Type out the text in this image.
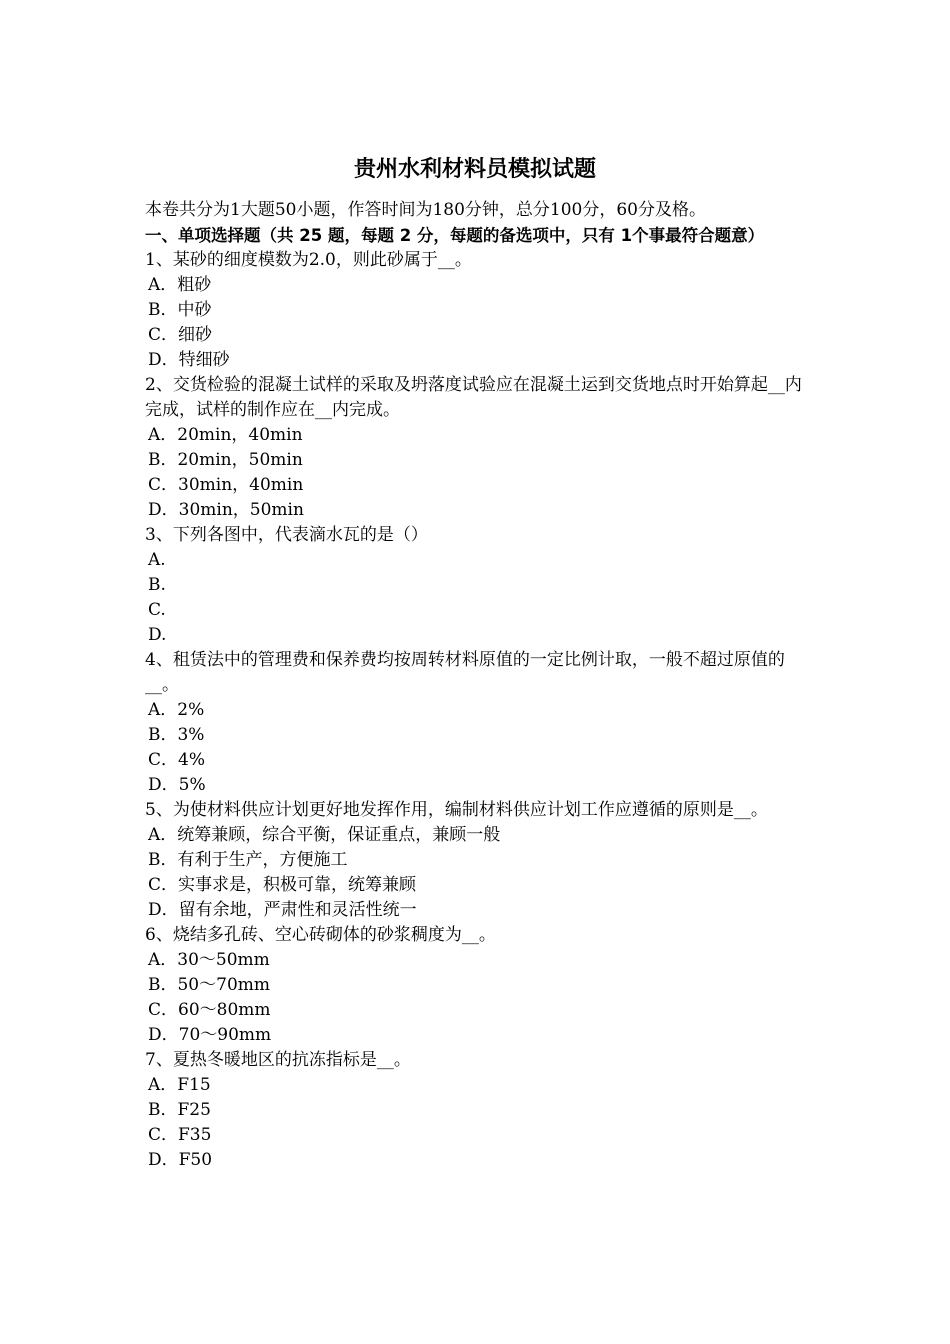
贵州水利材料员模拟试题

本卷共分为1大题50小题，作答时间为180分钟，总分100分，60分及格。

一、单项选择题（共 25 题，每题 2 分，每题的备选项中，只有 1个事最符合题意）

1、某砂的细度模数为2.0，则此砂属于__。

A．粗砂

B．中砂

C．细砂

D．特细砂

2、交货检验的混凝土试样的采取及坍落度试验应在混凝土运到交货地点时开始算起__内完成，试样的制作应在__内完成。

A．20min，40min

B．20min，50min

C．30min，40min

D．30min，50min

3、下列各图中，代表滴水瓦的是（）

A.

B.

C.

D.

4、租赁法中的管理费和保养费均按周转材料原值的一定比例计取，一般不超过原值的__。

A．2%

B．3%

C．4%

D．5%

5、为使材料供应计划更好地发挥作用，编制材料供应计划工作应遵循的原则是__。

A．统筹兼顾，综合平衡，保证重点，兼顾一般

B．有利于生产，方便施工

C．实事求是，积极可靠，统筹兼顾

D．留有余地，严肃性和灵活性统一

6、烧结多孔砖、空心砖砌体的砂浆稠度为__。

A．30～50mm

B．50～70mm

C．60～80mm

D．70～90mm

7、夏热冬暖地区的抗冻指标是__。

A．F15

B．F25

C．F35

D．F50
